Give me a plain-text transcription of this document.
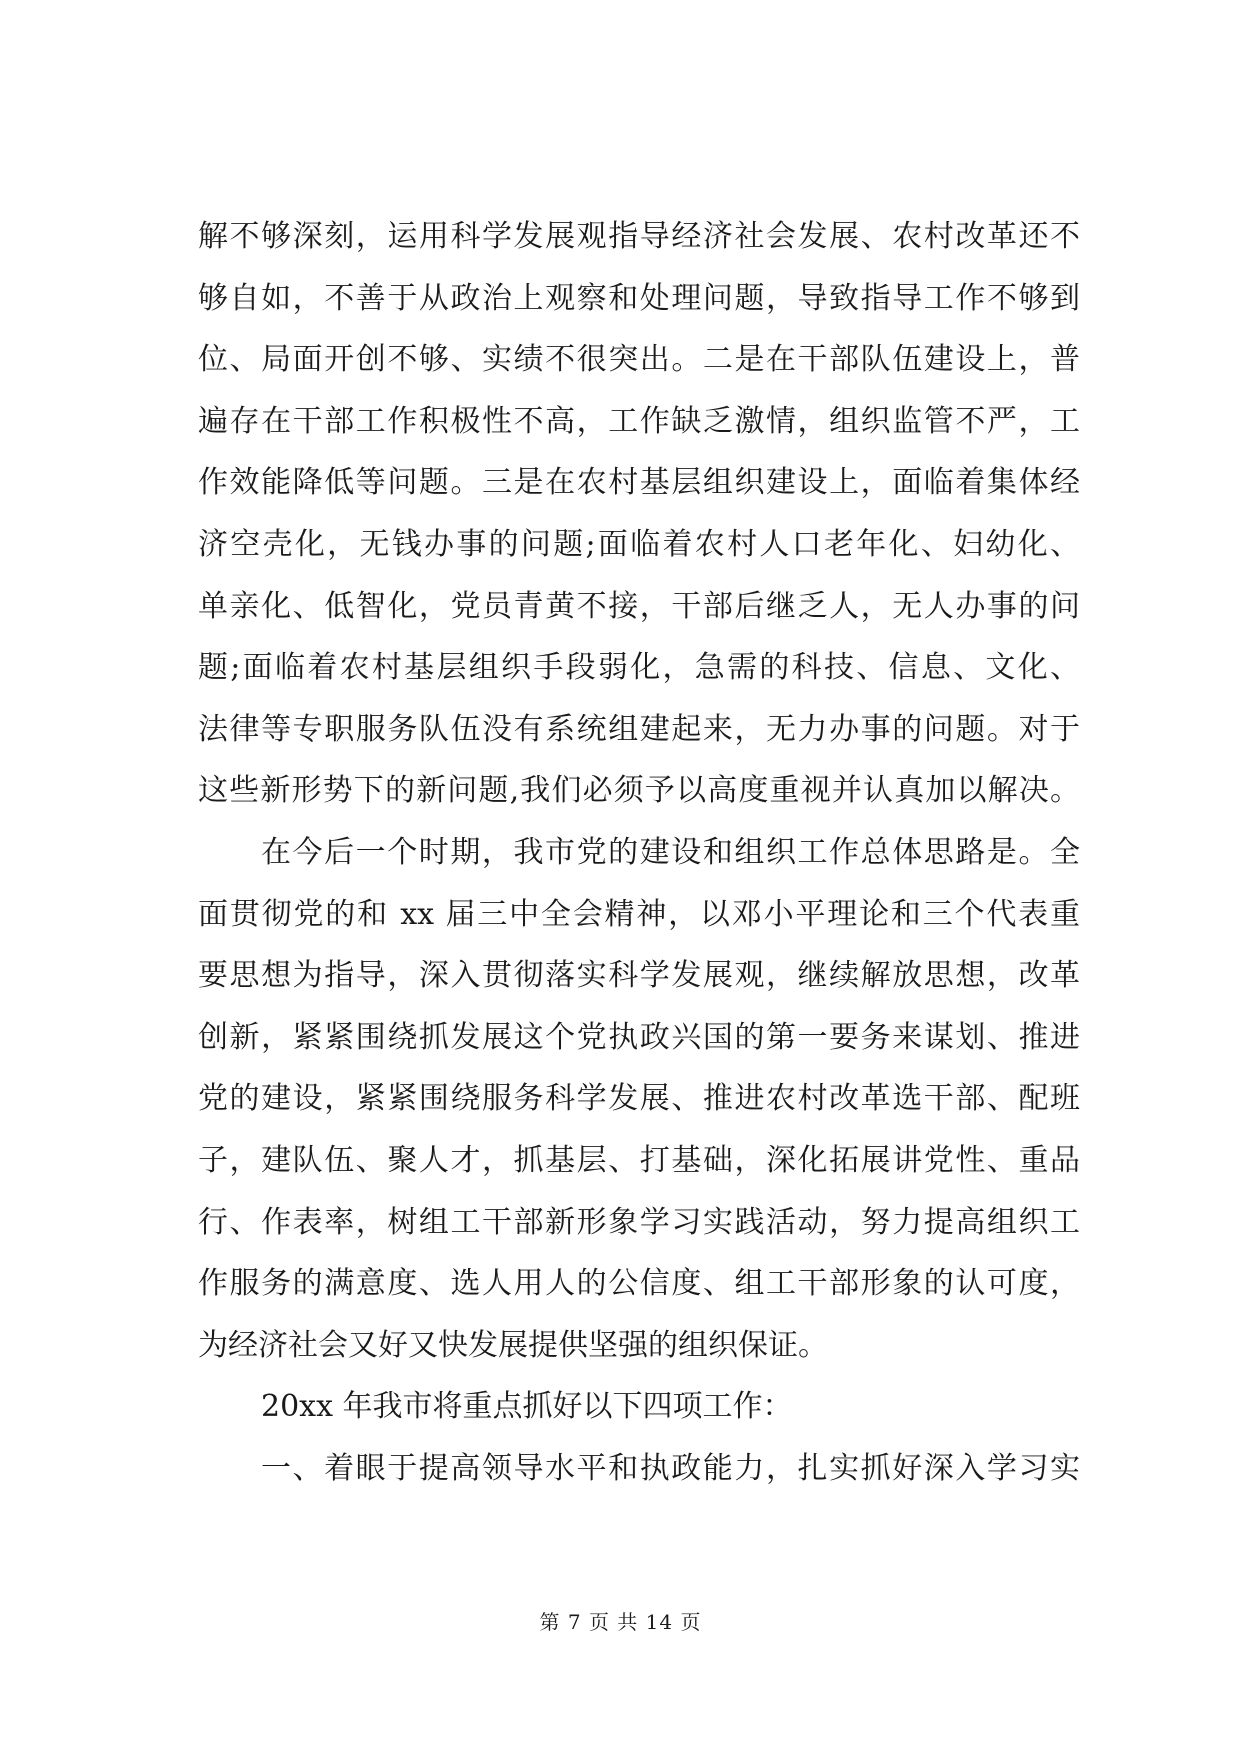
解不够深刻，运用科学发展观指导经济社会发展、农村改革还不
够自如，不善于从政治上观察和处理问题，导致指导工作不够到
位、局面开创不够、实绩不很突出。二是在干部队伍建设上，普
遍存在干部工作积极性不高，工作缺乏激情，组织监管不严，工
作效能降低等问题。三是在农村基层组织建设上，面临着集体经
济空壳化，无钱办事的问题;面临着农村人口老年化、妇幼化、
单亲化、低智化，党员青黄不接，干部后继乏人，无人办事的问
题;面临着农村基层组织手段弱化，急需的科技、信息、文化、
法律等专职服务队伍没有系统组建起来，无力办事的问题。对于
这些新形势下的新问题,我们必须予以高度重视并认真加以解决。
在今后一个时期，我市党的建设和组织工作总体思路是。全
面贯彻党的和 xx 届三中全会精神，以邓小平理论和三个代表重
要思想为指导，深入贯彻落实科学发展观，继续解放思想，改革
创新，紧紧围绕抓发展这个党执政兴国的第一要务来谋划、推进
党的建设，紧紧围绕服务科学发展、推进农村改革选干部、配班
子，建队伍、聚人才，抓基层、打基础，深化拓展讲党性、重品
行、作表率，树组工干部新形象学习实践活动，努力提高组织工
作服务的满意度、选人用人的公信度、组工干部形象的认可度，
为经济社会又好又快发展提供坚强的组织保证。
20xx 年我市将重点抓好以下四项工作：
一、着眼于提高领导水平和执政能力，扎实抓好深入学习实
第 7 页 共 14 页
